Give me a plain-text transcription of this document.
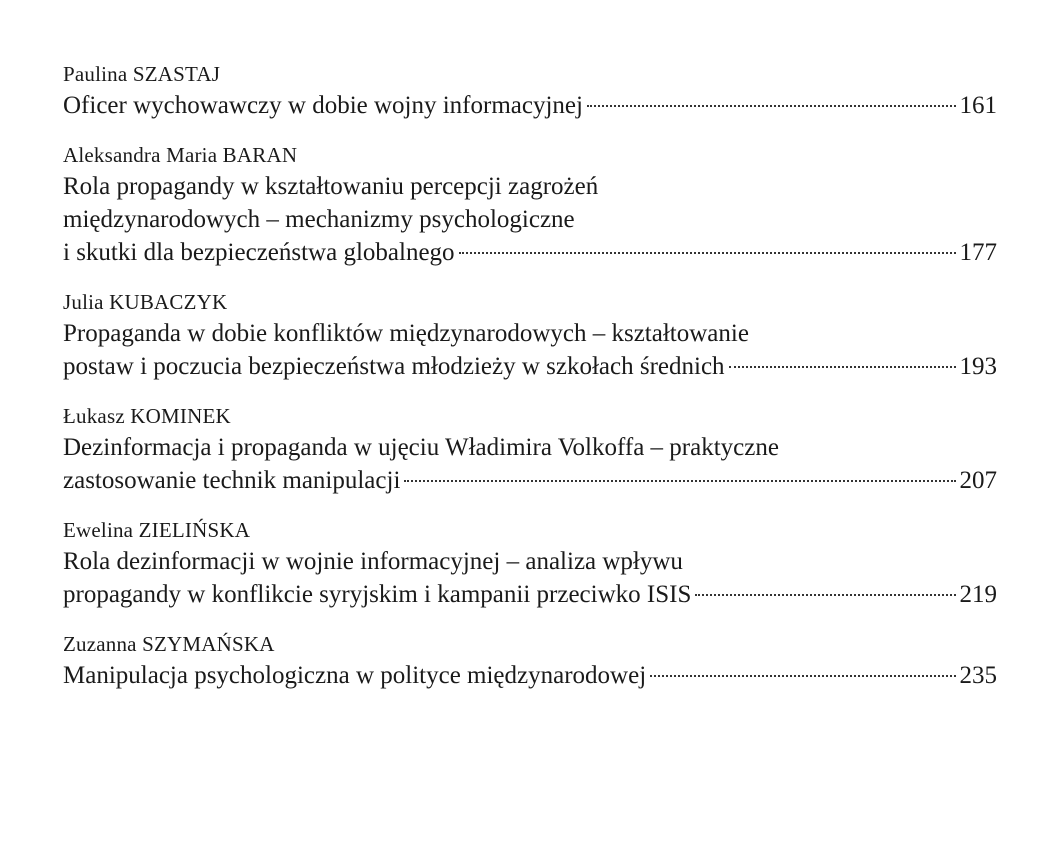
Paulina SZASTAJ
Oficer wychowawczy w dobie wojny informacyjnej	161
Aleksandra Maria BARAN
Rola propagandy w kształtowaniu percepcji zagrożeń
międzynarodowych – mechanizmy psychologiczne
i skutki dla bezpieczeństwa globalnego	177
Julia KUBACZYK
Propaganda w dobie konfliktów międzynarodowych – kształtowanie
postaw i poczucia bezpieczeństwa młodzieży w szkołach średnich	193
Łukasz KOMINEK
Dezinformacja i propaganda w ujęciu Władimira Volkoffa – praktyczne
zastosowanie technik manipulacji	207
Ewelina ZIELIŃSKA
Rola dezinformacji w wojnie informacyjnej – analiza wpływu
propagandy w konflikcie syryjskim i kampanii przeciwko ISIS	219
Zuzanna SZYMAŃSKA
Manipulacja psychologiczna w polityce międzynarodowej	235
